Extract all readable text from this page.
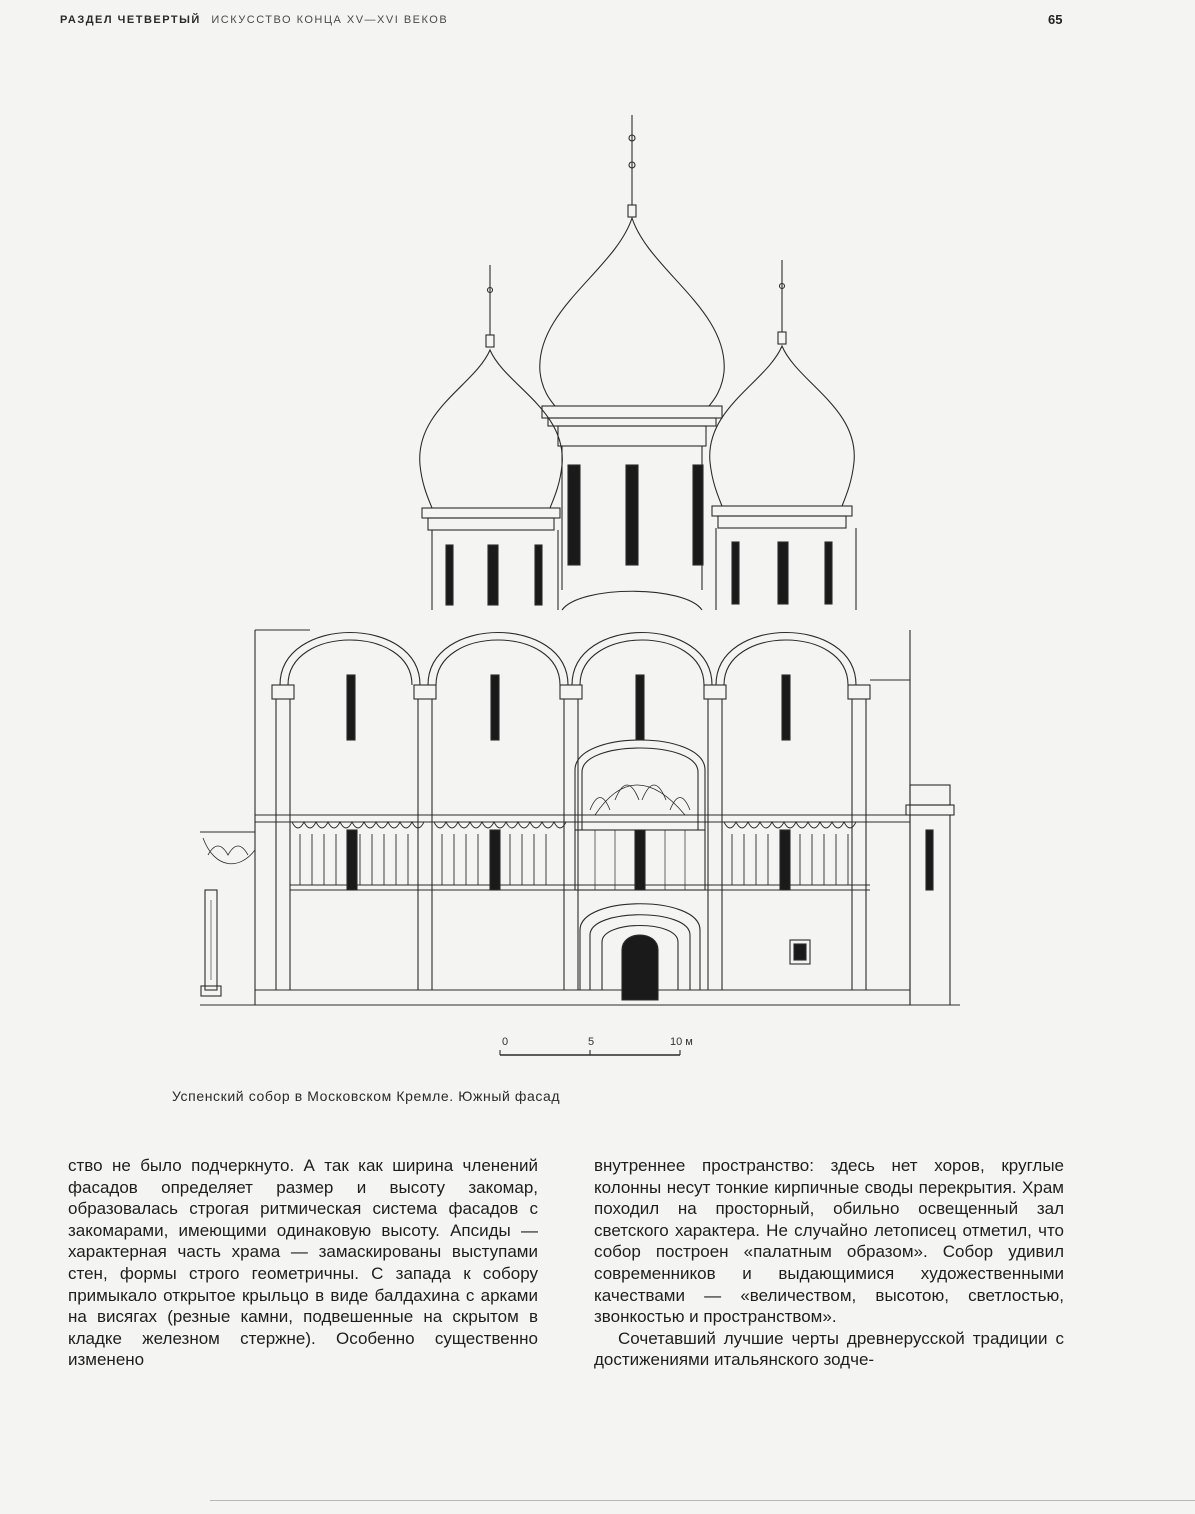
РАЗДЕЛ ЧЕТВЕРТЫЙ ИСКУССТВО КОНЦА XV—XVI ВЕКОВ	65
0	5	10 м
Успенский собор в Московском Кремле. Южный фасад

ство не было подчеркнуто. А так как ширина членений фасадов определяет размер и высоту закомар, образовалась строгая ритмическая система фасадов с закомарами, имеющими одинаковую высоту. Апсиды — характерная часть храма — замаскированы выступами стен, формы строго геометричны. С запада к собору примыкало открытое крыльцо в виде балдахина с арками на висягах (резные камни, подвешенные на скрытом в кладке железном стержне). Особенно существенно изменено

внутреннее пространство: здесь нет хоров, круглые колонны несут тонкие кирпичные своды перекрытия. Храм походил на просторный, обильно освещенный зал светского характера. Не случайно летописец отметил, что собор построен «палатным образом». Собор удивил современников и выдающимися художественными качествами — «величеством, высотою, светлостью, звонкостью и пространством».

Сочетавший лучшие черты древнерусской традиции с достижениями итальянского зодче-
